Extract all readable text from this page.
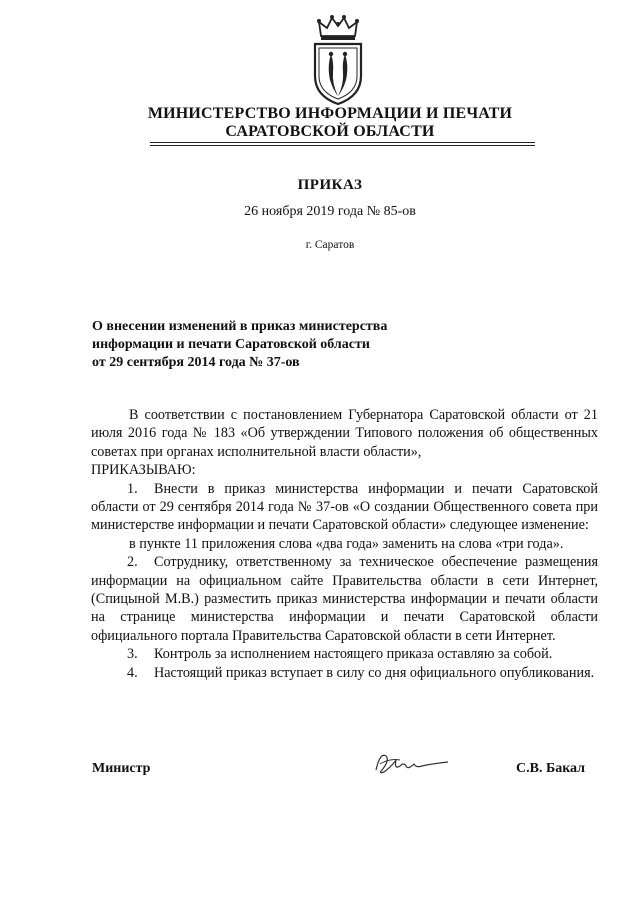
МИНИСТЕРСТВО ИНФОРМАЦИИ И ПЕЧАТИ
САРАТОВСКОЙ ОБЛАСТИ
ПРИКАЗ
26 ноября 2019 года № 85-ов
г. Саратов
О внесении изменений в приказ министерства
информации и печати Саратовской области
от 29 сентября 2014 года № 37-ов

В соответствии с постановлением Губернатора Саратовской области от 21 июля 2016 года № 183 «Об утверждении Типового положения об общественных советах при органах исполнительной власти области»,

ПРИКАЗЫВАЮ:

1. Внести в приказ министерства информации и печати Саратовской области от 29 сентября 2014 года № 37-ов «О создании Общественного совета при министерстве информации и печати Саратовской области» следующее изменение:

в пункте 11 приложения слова «два года» заменить на слова «три года».

2. Сотруднику, ответственному за техническое обеспечение размещения информации на официальном сайте Правительства области в сети Интернет, (Спицыной М.В.) разместить приказ министерства информации и печати области на странице министерства информации и печати Саратовской области официального портала Правительства Саратовской области в сети Интернет.

3. Контроль за исполнением настоящего приказа оставляю за собой.

4. Настоящий приказ вступает в силу со дня официального опубликования.

Министр	С.В. Бакал
